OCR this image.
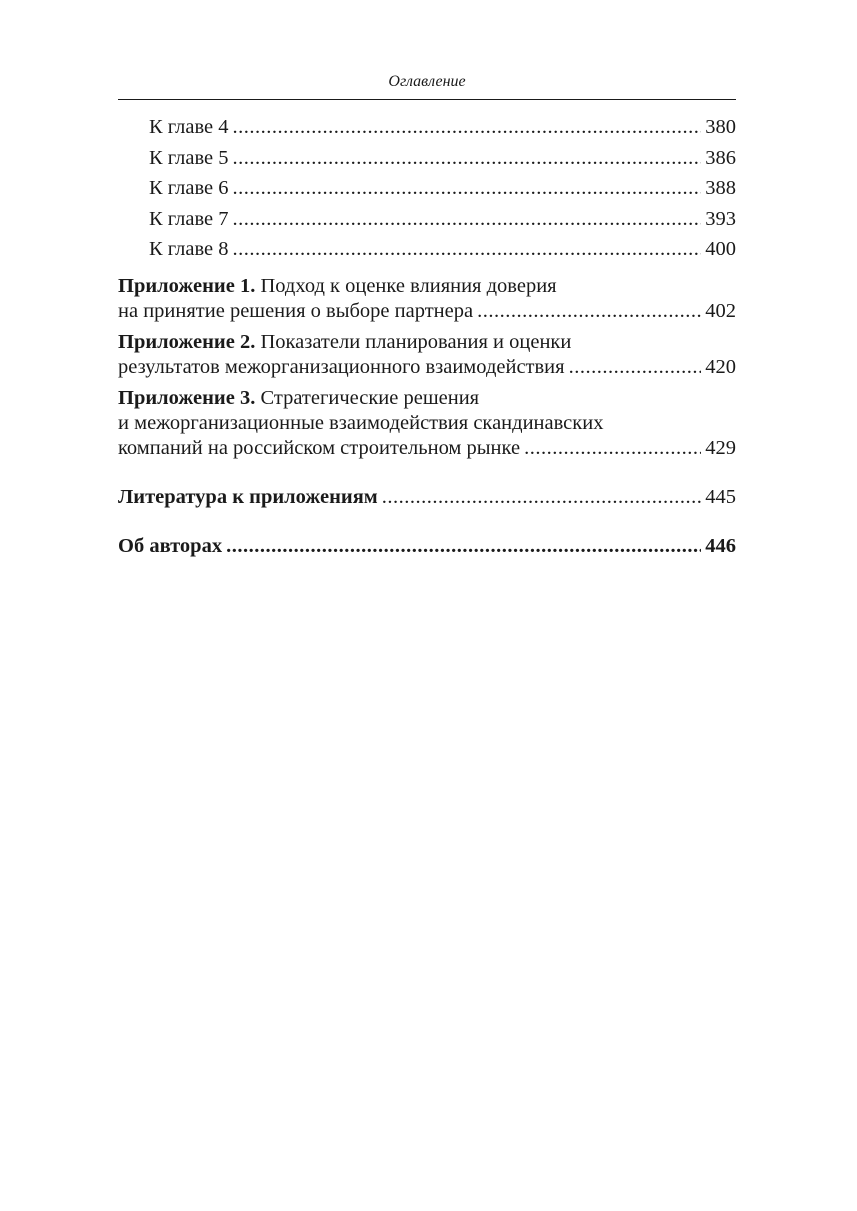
Оглавление
К главе 4 .....	380
К главе 5 .....	386
К главе 6 .....	388
К главе 7 .....	393
К главе 8 .....	400
Приложение 1. Подход к оценке влияния доверия
на принятие решения о выборе партнера .....	402
Приложение 2. Показатели планирования и оценки
результатов межорганизационного взаимодействия .....	420
Приложение 3. Стратегические решения
и межорганизационные взаимодействия скандинавских
компаний на российском строительном рынке .....	429
Литература к приложениям .....	445
Об авторах .....	446
